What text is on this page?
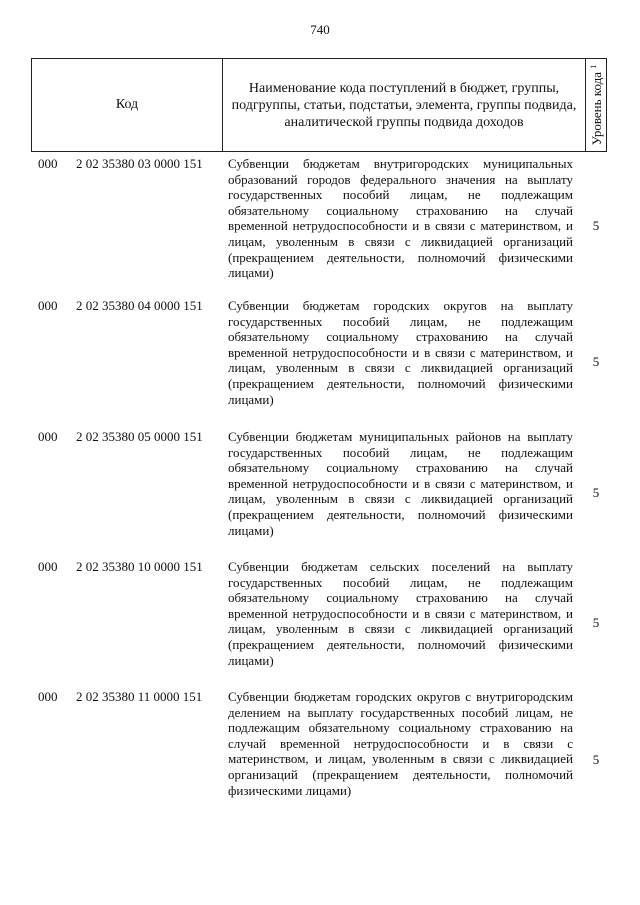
740
Код
Наименование кода поступлений в бюджет, группы, подгруппы, статьи, подстатьи, элемента, группы подвида, аналитической группы подвида доходов	Уровень кода $^1$
000 2 02 35380 03 0000 151 Субвенции бюджетам внутригородских муниципальных образований городов федерального значения на выплату государственных пособий лицам, не подлежащим обязательному социальному страхованию на случай временной нетрудоспособности и в связи с материнством, и лицам, уволенным в связи с ликвидацией организаций (прекращением деятельности, полномочий физическими лицами)
5
000 2 02 35380 04 0000 151 Субвенции бюджетам городских округов на выплату государственных пособий лицам, не подлежащим обязательному социальному страхованию на случай временной нетрудоспособности и в связи с материнством, и лицам, уволенным в связи с ликвидацией организаций (прекращением деятельности, полномочий физическими лицами)
5
000 2 02 35380 05 0000 151 Субвенции бюджетам муниципальных районов на выплату государственных пособий лицам, не подлежащим обязательному социальному страхованию на случай временной нетрудоспособности и в связи с материнством, и лицам, уволенным в связи с ликвидацией организаций (прекращением деятельности, полномочий физическими лицами)
5
000 2 02 35380 10 0000 151 Субвенции бюджетам сельских поселений на выплату государственных пособий лицам, не подлежащим обязательному социальному страхованию на случай временной нетрудоспособности и в связи с материнством, и лицам, уволенным в связи с ликвидацией организаций (прекращением деятельности, полномочий физическими лицами)
5
000 2 02 35380 11 0000 151 Субвенции бюджетам городских округов с внутригородским делением на выплату государственных пособий лицам, не подлежащим обязательному социальному страхованию на случай временной нетрудоспособности и в связи с материнством, и лицам, уволенным в связи с ликвидацией организаций (прекращением деятельности, полномочий физическими лицами)
5
